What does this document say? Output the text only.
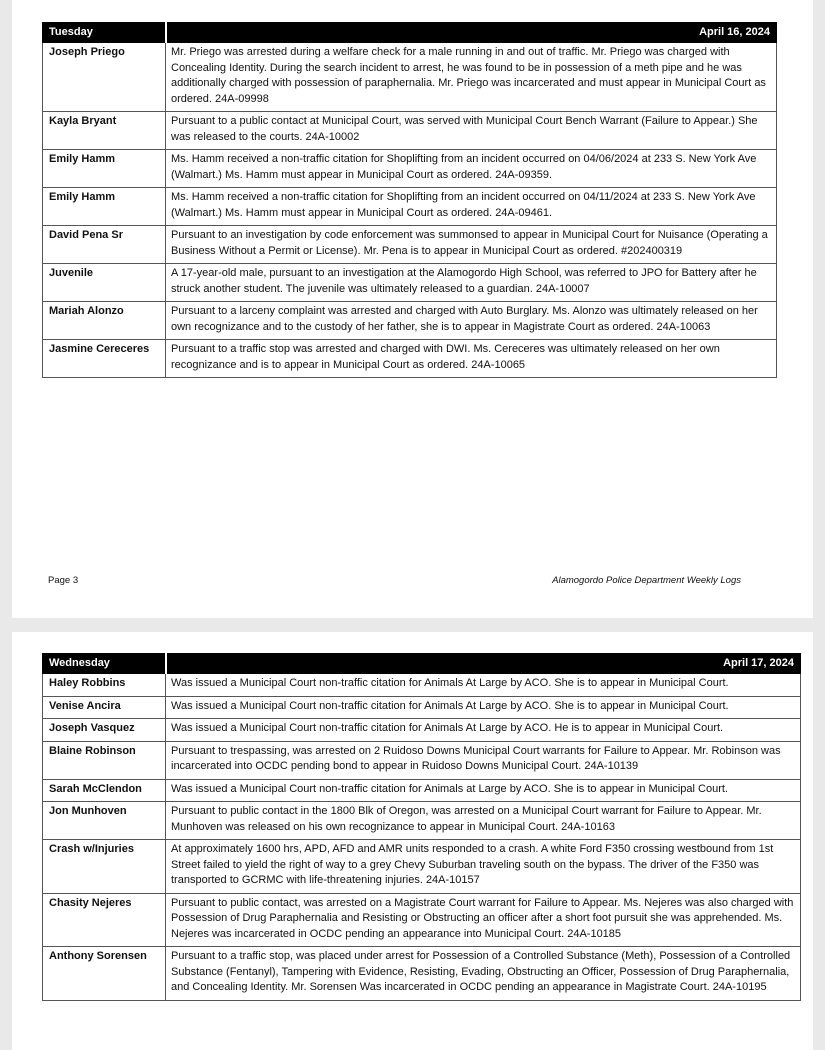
Tuesday	April 16, 2024
Joseph Priego	Mr. Priego was arrested during a welfare check for a male running in and out of traffic. Mr. Priego was charged with Concealing Identity. During the search incident to arrest, he was found to be in possession of a meth pipe and he was additionally charged with possession of paraphernalia. Mr. Priego was incarcerated and must appear in Municipal Court as ordered. 24A-09998
Kayla Bryant	Pursuant to a public contact at Municipal Court, was served with Municipal Court Bench Warrant (Failure to Appear.) She was released to the courts. 24A-10002
Emily Hamm	Ms. Hamm received a non-traffic citation for Shoplifting from an incident occurred on 04/06/2024 at 233 S. New York Ave (Walmart.) Ms. Hamm must appear in Municipal Court as ordered. 24A-09359.
Emily Hamm	Ms. Hamm received a non-traffic citation for Shoplifting from an incident occurred on 04/11/2024 at 233 S. New York Ave (Walmart.) Ms. Hamm must appear in Municipal Court as ordered. 24A-09461.
David Pena Sr	Pursuant to an investigation by code enforcement was summonsed to appear in Municipal Court for Nuisance (Operating a Business Without a Permit or License). Mr. Pena is to appear in Municipal Court as ordered. #202400319
Juvenile	A 17-year-old male, pursuant to an investigation at the Alamogordo High School, was referred to JPO for Battery after he struck another student. The juvenile was ultimately released to a guardian. 24A-10007
Mariah Alonzo	Pursuant to a larceny complaint was arrested and charged with Auto Burglary. Ms. Alonzo was ultimately released on her own recognizance and to the custody of her father, she is to appear in Magistrate Court as ordered. 24A-10063
Jasmine Cereceres	Pursuant to a traffic stop was arrested and charged with DWI. Ms. Cereceres was ultimately released on her own recognizance and is to appear in Municipal Court as ordered. 24A-10065
Page 3	Alamogordo Police Department Weekly Logs
Wednesday	April 17, 2024
Haley Robbins	Was issued a Municipal Court non-traffic citation for Animals At Large by ACO. She is to appear in Municipal Court.
Venise Ancira	Was issued a Municipal Court non-traffic citation for Animals At Large by ACO. She is to appear in Municipal Court.
Joseph Vasquez	Was issued a Municipal Court non-traffic citation for Animals At Large by ACO. He is to appear in Municipal Court.
Blaine Robinson	Pursuant to trespassing, was arrested on 2 Ruidoso Downs Municipal Court warrants for Failure to Appear. Mr. Robinson was incarcerated into OCDC pending bond to appear in Ruidoso Downs Municipal Court. 24A-10139
Sarah McClendon	Was issued a Municipal Court non-traffic citation for Animals at Large by ACO. She is to appear in Municipal Court.
Jon Munhoven	Pursuant to public contact in the 1800 Blk of Oregon, was arrested on a Municipal Court warrant for Failure to Appear. Mr. Munhoven was released on his own recognizance to appear in Municipal Court. 24A-10163
Crash w/Injuries	At approximately 1600 hrs, APD, AFD and AMR units responded to a crash. A white Ford F350 crossing westbound from 1st Street failed to yield the right of way to a grey Chevy Suburban traveling south on the bypass. The driver of the F350 was transported to GCRMC with life-threatening injuries. 24A-10157
Chasity Nejeres	Pursuant to public contact, was arrested on a Magistrate Court warrant for Failure to Appear. Ms. Nejeres was also charged with Possession of Drug Paraphernalia and Resisting or Obstructing an officer after a short foot pursuit she was apprehended. Ms. Nejeres was incarcerated in OCDC pending an appearance into Municipal Court. 24A-10185
Anthony Sorensen	Pursuant to a traffic stop, was placed under arrest for Possession of a Controlled Substance (Meth), Possession of a Controlled Substance (Fentanyl), Tampering with Evidence, Resisting, Evading, Obstructing an Officer, Possession of Drug Paraphernalia, and Concealing Identity. Mr. Sorensen Was incarcerated in OCDC pending an appearance in Magistrate Court. 24A-10195
